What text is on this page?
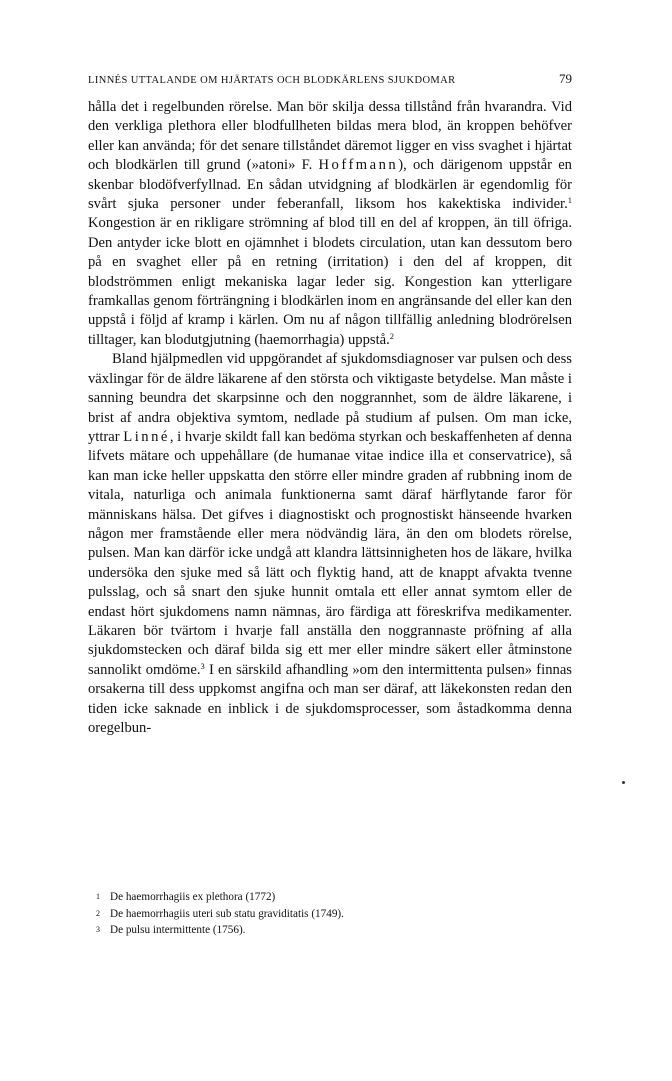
LINNÉS UTTALANDE OM HJÄRTATS OCH BLODKÄRLENS SJUKDOMAR	79

hålla det i regelbunden rörelse. Man bör skilja dessa tillstånd från hvarandra. Vid den verkliga plethora eller blodfullheten bildas mera blod, än kroppen behöfver eller kan använda; för det senare tillståndet däremot ligger en viss svaghet i hjärtat och blodkärlen till grund (»atoni» F. Hoffmann), och därigenom uppstår en skenbar blodöfverfyllnad. En sådan utvidgning af blodkärlen är egendomlig för svårt sjuka personer under feberanfall, liksom hos kakektiska individer.$^1$ Kongestion är en rikligare strömning af blod till en del af kroppen, än till öfriga. Den antyder icke blott en ojämnhet i blodets circulation, utan kan dessutom bero på en svaghet eller på en retning (irritation) i den del af kroppen, dit blodströmmen enligt mekaniska lagar leder sig. Kongestion kan ytterligare framkallas genom förträngning i blodkärlen inom en angränsande del eller kan den uppstå i följd af kramp i kärlen. Om nu af någon tillfällig anledning blodrörelsen tilltager, kan blodutgjutning (haemorrhagia) uppstå.$^2$

Bland hjälpmedlen vid uppgörandet af sjukdomsdiagnoser var pulsen och dess växlingar för de äldre läkarene af den största och viktigaste betydelse. Man måste i sanning beundra det skarpsinne och den noggrannhet, som de äldre läkarene, i brist af andra objektiva symtom, nedlade på studium af pulsen. Om man icke, yttrar Linné, i hvarje skildt fall kan bedöma styrkan och beskaffenheten af denna lifvets mätare och uppehållare (de humanae vitae indice illa et conservatrice), så kan man icke heller uppskatta den större eller mindre graden af rubbning inom de vitala, naturliga och animala funktionerna samt däraf härflytande faror för människans hälsa. Det gifves i diagnostiskt och prognostiskt hänseende hvarken någon mer framstående eller mera nödvändig lära, än den om blodets rörelse, pulsen. Man kan därför icke undgå att klandra lättsinnigheten hos de läkare, hvilka undersöka den sjuke med så lätt och flyktig hand, att de knappt afvakta tvenne pulsslag, och så snart den sjuke hunnit omtala ett eller annat symtom eller de endast hört sjukdomens namn nämnas, äro färdiga att föreskrifva medikamenter. Läkaren bör tvärtom i hvarje fall anställa den noggrannaste pröfning af alla sjukdomstecken och däraf bilda sig ett mer eller mindre säkert eller åtminstone sannolikt omdöme.$^3$ I en särskild afhandling »om den intermittenta pulsen» finnas orsakerna till dess uppkomst angifna och man ser däraf, att läkekonsten redan den tiden icke saknade en inblick i de sjukdomsprocesser, som åstadkomma denna oregelbun-

1 De haemorrhagiis ex plethora (1772)
2 De haemorrhagiis uteri sub statu graviditatis (1749).
3 De pulsu intermittente (1756).
